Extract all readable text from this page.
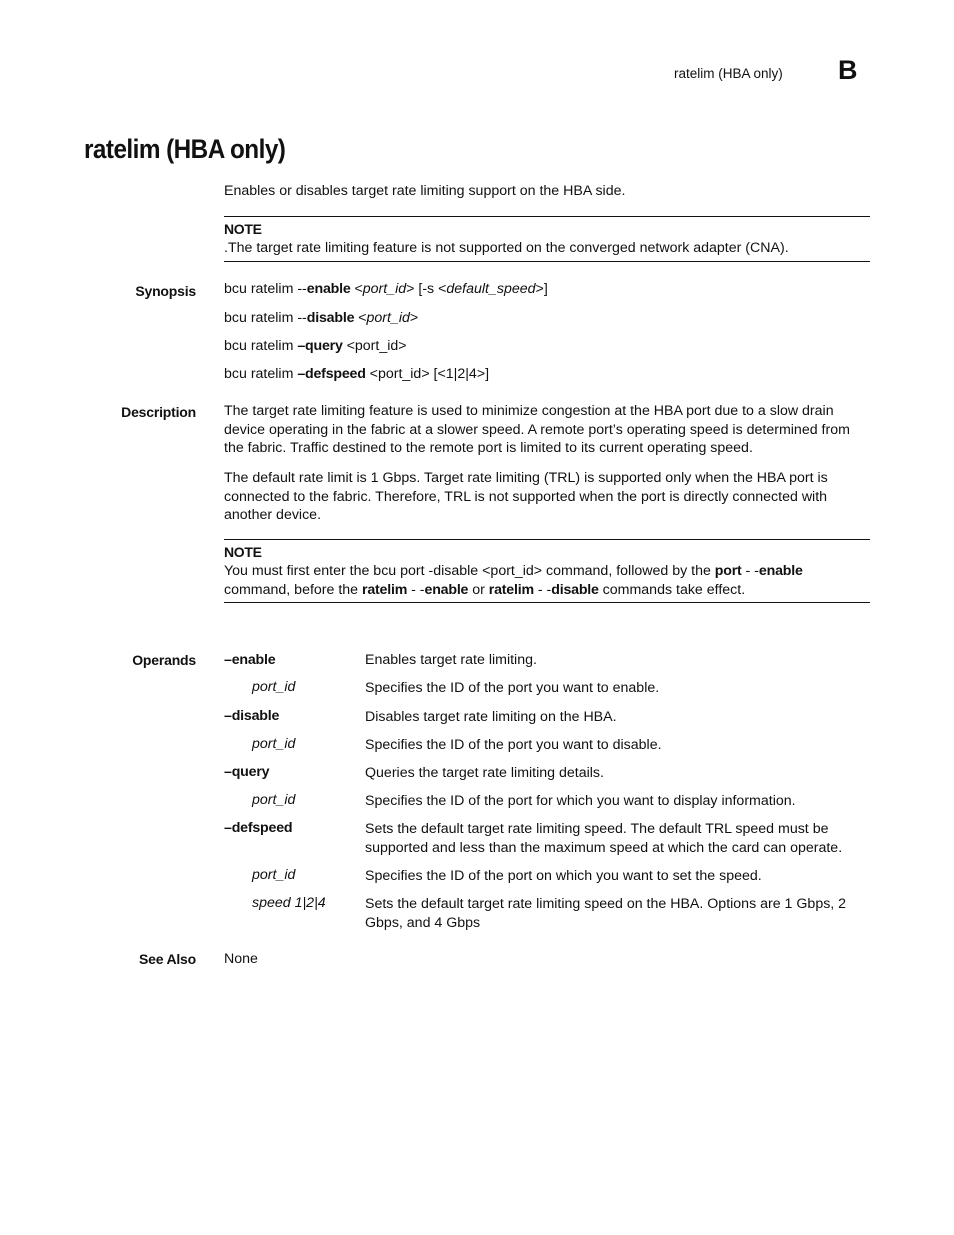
ratelim (HBA only) B
ratelim (HBA only)
Enables or disables target rate limiting support on the HBA side.
NOTE
.The target rate limiting feature is not supported on the converged network adapter (CNA).
Synopsis bcu ratelim --enable <port_id> [-s <default_speed>]
bcu ratelim --disable <port_id>
bcu ratelim –query <port_id>
bcu ratelim –defspeed <port_id> [<1|2|4>]
Description The target rate limiting feature is used to minimize congestion at the HBA port due to a slow drain device operating in the fabric at a slower speed. A remote port’s operating speed is determined from the fabric. Traffic destined to the remote port is limited to its current operating speed.
The default rate limit is 1 Gbps. Target rate limiting (TRL) is supported only when the HBA port is connected to the fabric. Therefore, TRL is not supported when the port is directly connected with another device.
NOTE
You must first enter the bcu port -disable <port_id> command, followed by the port - -enable command, before the ratelim - -enable or ratelim - -disable commands take effect.
Operands –enable	Enables target rate limiting.
port_id	Specifies the ID of the port you want to enable.
–disable	Disables target rate limiting on the HBA.
port_id	Specifies the ID of the port you want to disable.
–query	Queries the target rate limiting details.
port_id	Specifies the ID of the port for which you want to display information.
–defspeed	Sets the default target rate limiting speed. The default TRL speed must be supported and less than the maximum speed at which the card can operate.
port_id	Specifies the ID of the port on which you want to set the speed.
speed 1|2|4	Sets the default target rate limiting speed on the HBA. Options are 1 Gbps, 2 Gbps, and 4 Gbps
See Also None
